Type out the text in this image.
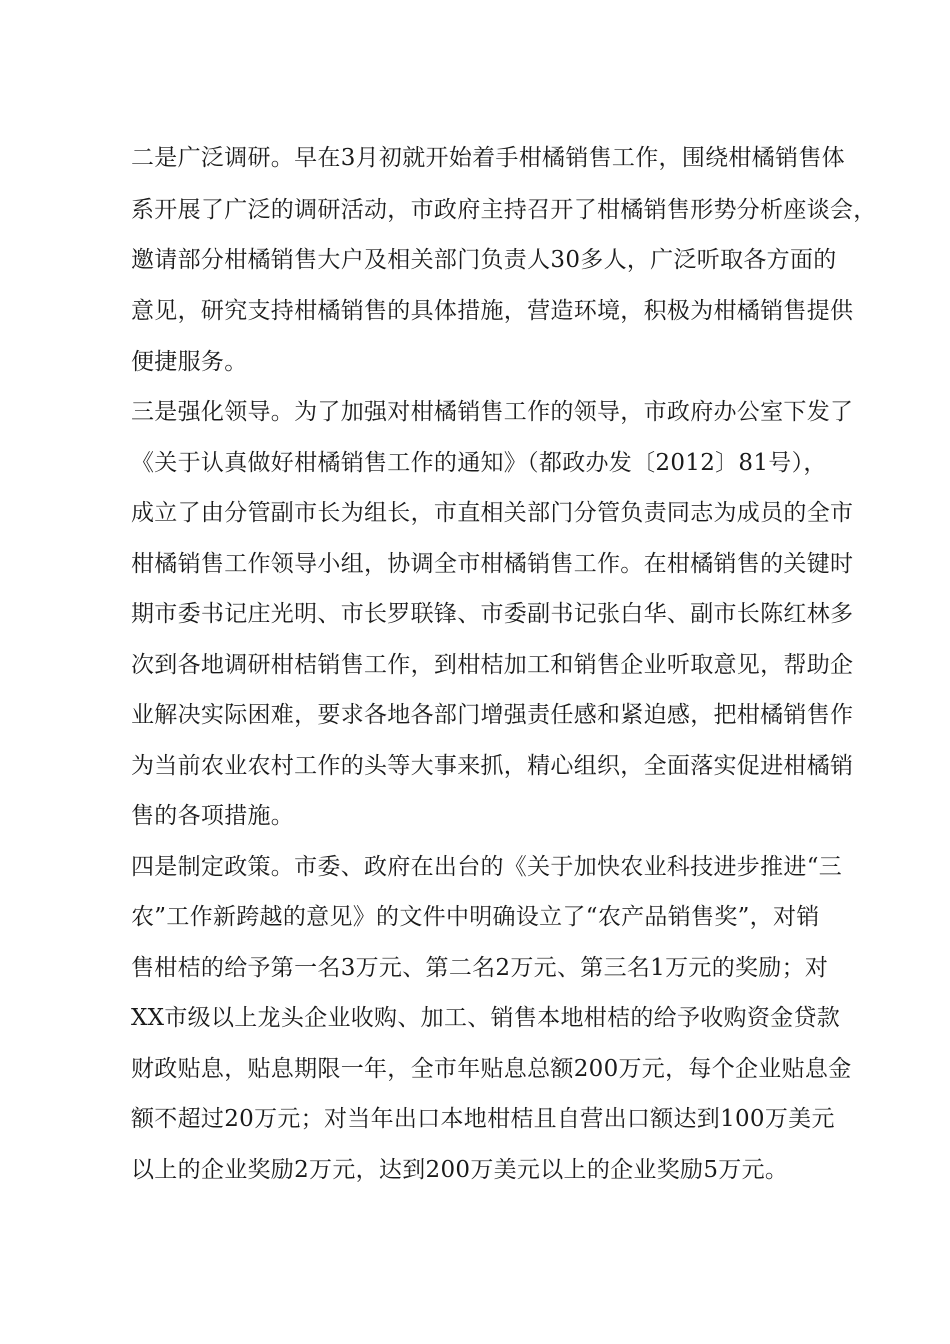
二是广泛调研。早在3月初就开始着手柑橘销售工作，围绕柑橘销售体
系开展了广泛的调研活动，市政府主持召开了柑橘销售形势分析座谈会，
邀请部分柑橘销售大户及相关部门负责人30多人，广泛听取各方面的
意见，研究支持柑橘销售的具体措施，营造环境，积极为柑橘销售提供
便捷服务。
三是强化领导。为了加强对柑橘销售工作的领导，市政府办公室下发了
《关于认真做好柑橘销售工作的通知》（都政办发〔2012〕81号），
成立了由分管副市长为组长，市直相关部门分管负责同志为成员的全市
柑橘销售工作领导小组，协调全市柑橘销售工作。在柑橘销售的关键时
期市委书记庄光明、市长罗联锋、市委副书记张白华、副市长陈红林多
次到各地调研柑桔销售工作，到柑桔加工和销售企业听取意见，帮助企
业解决实际困难，要求各地各部门增强责任感和紧迫感，把柑橘销售作
为当前农业农村工作的头等大事来抓，精心组织，全面落实促进柑橘销
售的各项措施。
四是制定政策。市委、政府在出台的《关于加快农业科技进步推进“三
农”工作新跨越的意见》的文件中明确设立了“农产品销售奖”，对销
售柑桔的给予第一名3万元、第二名2万元、第三名1万元的奖励；对
XX市级以上龙头企业收购、加工、销售本地柑桔的给予收购资金贷款
财政贴息，贴息期限一年，全市年贴息总额200万元，每个企业贴息金
额不超过20万元；对当年出口本地柑桔且自营出口额达到100万美元
以上的企业奖励2万元，达到200万美元以上的企业奖励5万元。
